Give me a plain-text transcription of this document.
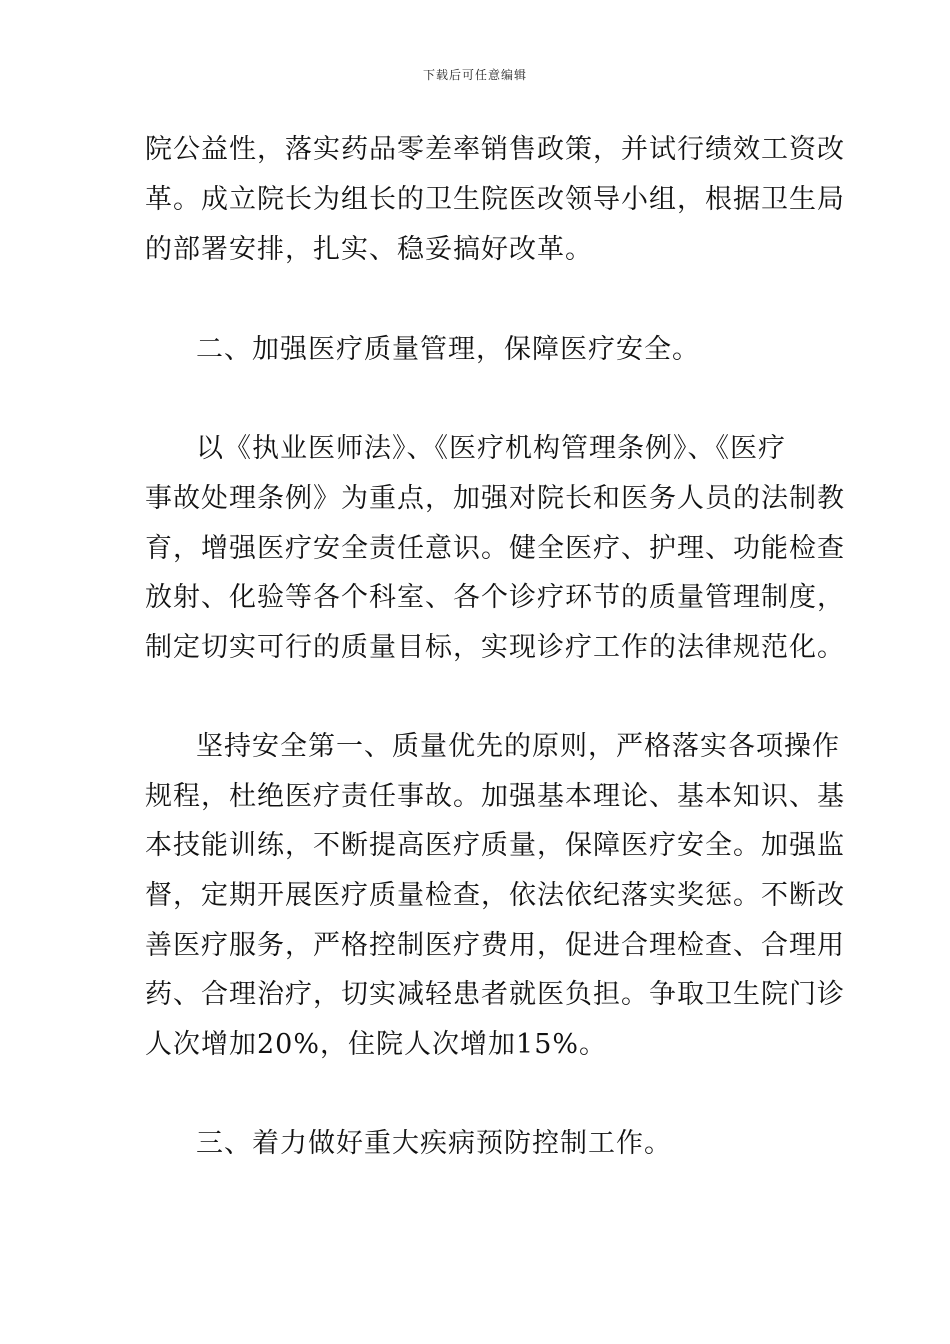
下载后可任意编辑
院公益性，落实药品零差率销售政策，并试行绩效工资改
革。成立院长为组长的卫生院医改领导小组，根据卫生局
的部署安排，扎实、稳妥搞好改革。
二、加强医疗质量管理，保障医疗安全。
以《执业医师法》、《医疗机构管理条例》、《医疗
事故处理条例》为重点，加强对院长和医务人员的法制教
育，增强医疗安全责任意识。健全医疗、护理、功能检查
放射、化验等各个科室、各个诊疗环节的质量管理制度，
制定切实可行的质量目标，实现诊疗工作的法律规范化。
坚持安全第一、质量优先的原则，严格落实各项操作
规程，杜绝医疗责任事故。加强基本理论、基本知识、基
本技能训练，不断提高医疗质量，保障医疗安全。加强监
督，定期开展医疗质量检查，依法依纪落实奖惩。不断改
善医疗服务，严格控制医疗费用，促进合理检查、合理用
药、合理治疗，切实减轻患者就医负担。争取卫生院门诊
人次增加20%，住院人次增加15%。
三、着力做好重大疾病预防控制工作。
